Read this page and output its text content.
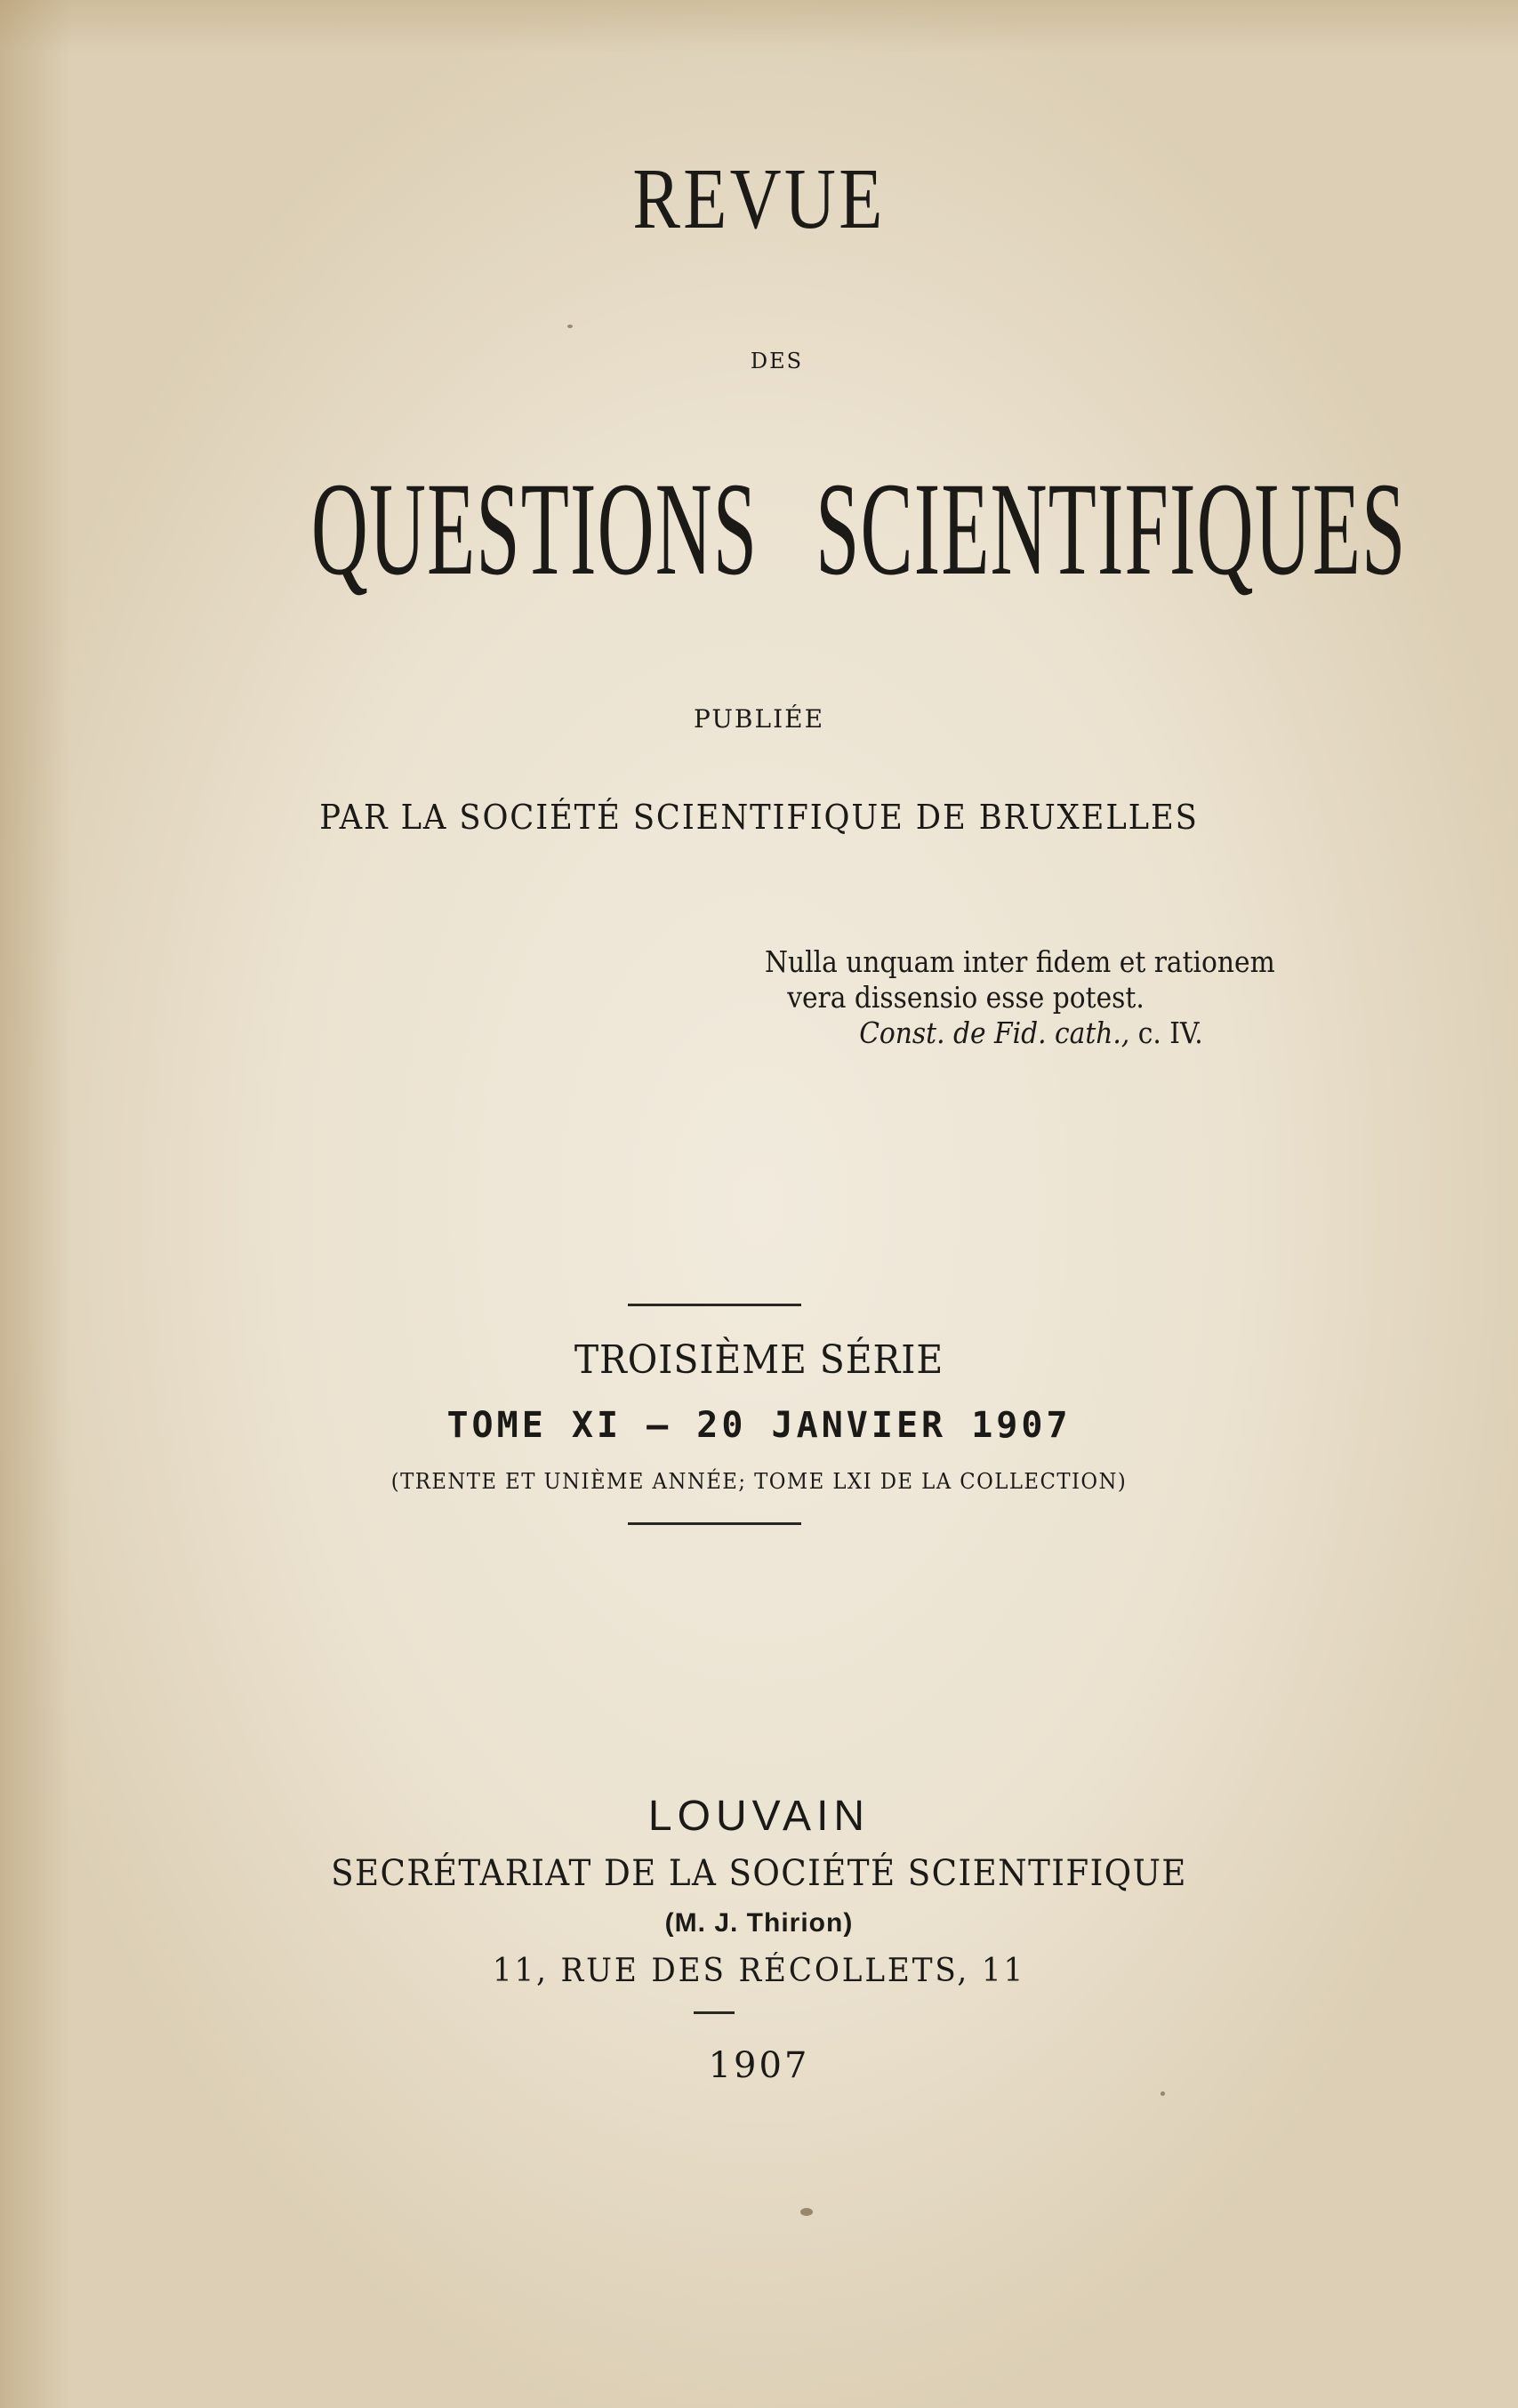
REVUE
DES
QUESTIONS SCIENTIFIQUES
PUBLIÉE
PAR LA SOCIÉTÉ SCIENTIFIQUE DE BRUXELLES
Nulla unquam inter fidem et rationem
vera dissensio esse potest.
Const. de Fid. cath., c. IV.
TROISIÈME SÉRIE
TOME XI — 20 JANVIER 1907
(TRENTE ET UNIÈME ANNÉE; TOME LXI DE LA COLLECTION)
LOUVAIN
SECRÉTARIAT DE LA SOCIÉTÉ SCIENTIFIQUE
(M. J. Thirion)
11, RUE DES RÉCOLLETS, 11
1907
